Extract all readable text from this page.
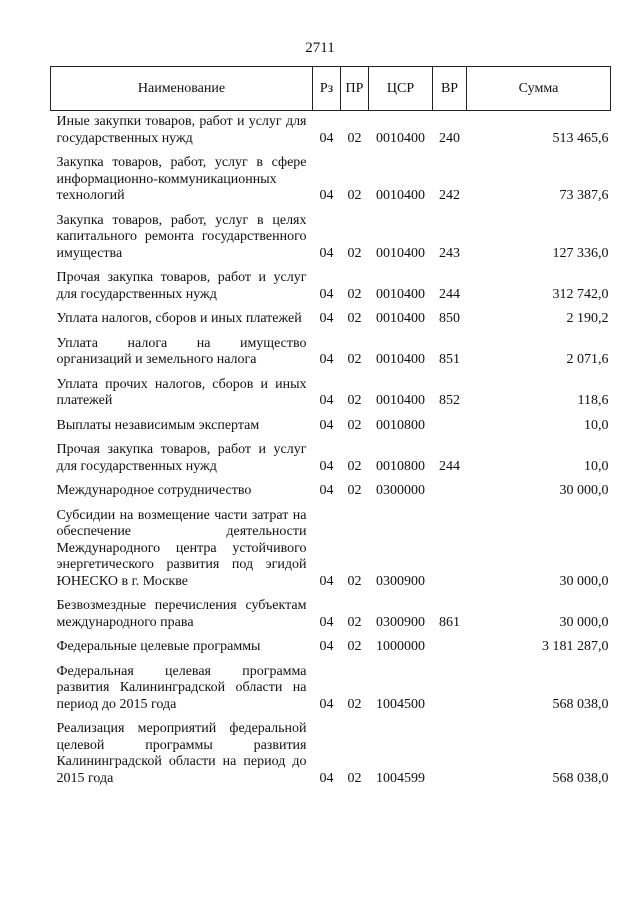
2711
Наименование	Рз	ПР	ЦСР	ВР	Сумма
Иные закупки товаров, работ и услуг для государственных нужд	04	02	0010400	240	513 465,6
Закупка товаров, работ, услуг в сфере информационно-коммуникационных технологий	04	02	0010400	242	73 387,6
Закупка товаров, работ, услуг в целях капитального ремонта государственного имущества	04	02	0010400	243	127 336,0
Прочая закупка товаров, работ и услуг для государственных нужд	04	02	0010400	244	312 742,0
Уплата налогов, сборов и иных платежей	04	02	0010400	850	2 190,2
Уплата налога на имущество организаций и земельного налога	04	02	0010400	851	2 071,6
Уплата прочих налогов, сборов и иных платежей	04	02	0010400	852	118,6
Выплаты независимым экспертам	04	02	0010800		10,0
Прочая закупка товаров, работ и услуг для государственных нужд	04	02	0010800	244	10,0
Международное сотрудничество	04	02	0300000		30 000,0
Субсидии на возмещение части затрат на обеспечение деятельности Международного центра устойчивого энергетического развития под эгидой ЮНЕСКО в г. Москве	04	02	0300900		30 000,0
Безвозмездные перечисления субъектам международного права	04	02	0300900	861	30 000,0
Федеральные целевые программы	04	02	1000000		3 181 287,0
Федеральная целевая программа развития Калининградской области на период до 2015 года	04	02	1004500		568 038,0
Реализация мероприятий федеральной целевой программы развития Калининградской области на период до 2015 года	04	02	1004599		568 038,0
